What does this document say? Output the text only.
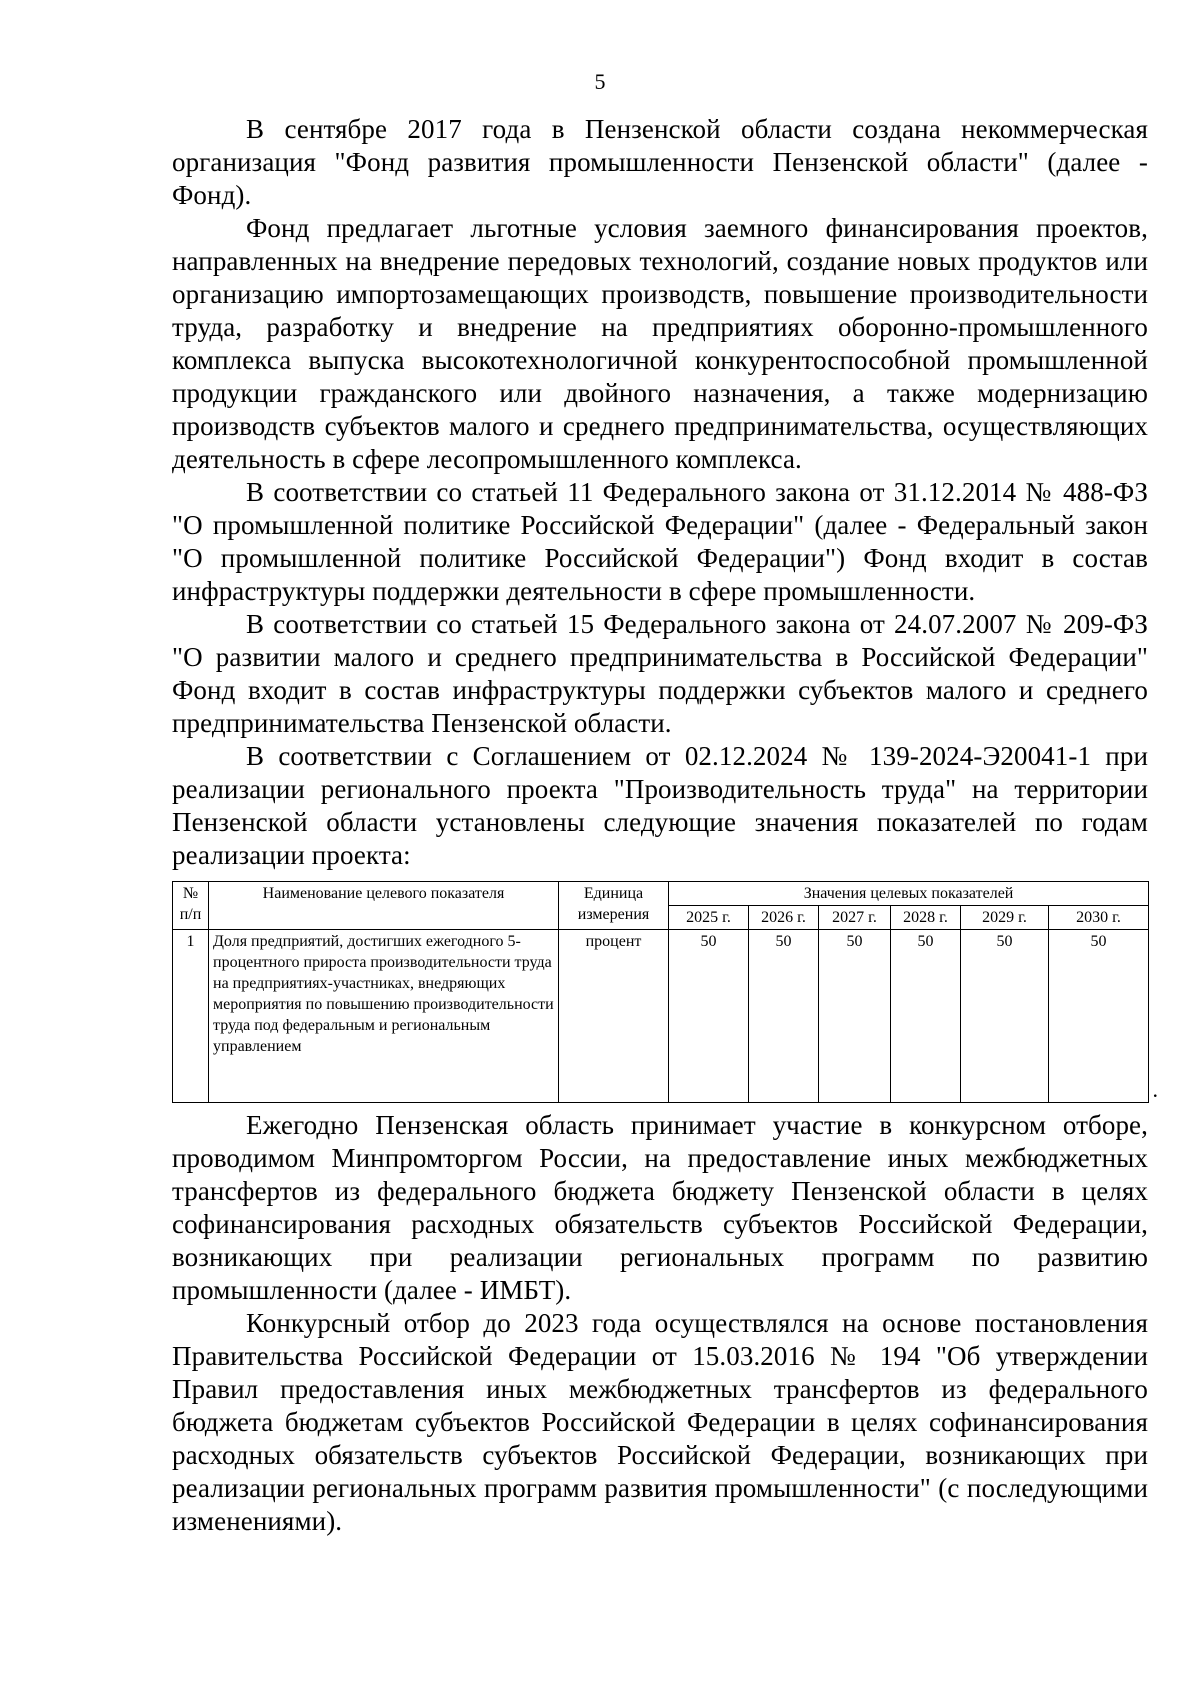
5

В сентябре 2017 года в Пензенской области создана некоммерческая организация "Фонд развития промышленности Пензенской области" (далее - Фонд).

Фонд предлагает льготные условия заемного финансирования проектов, направленных на внедрение передовых технологий, создание новых продуктов или организацию импортозамещающих производств, повышение производительности труда, разработку и внедрение на предприятиях оборонно-промышленного комплекса выпуска высокотехнологичной конкурентоспособной промышленной продукции гражданского или двойного назначения, а также модернизацию производств субъектов малого и среднего предпринимательства, осуществляющих деятельность в сфере лесопромышленного комплекса.

В соответствии со статьей 11 Федерального закона от 31.12.2014 № 488-ФЗ "О промышленной политике Российской Федерации" (далее - Федеральный закон "О промышленной политике Российской Федерации") Фонд входит в состав инфраструктуры поддержки деятельности в сфере промышленности.

В соответствии со статьей 15 Федерального закона от 24.07.2007 № 209-ФЗ "О развитии малого и среднего предпринимательства в Российской Федерации" Фонд входит в состав инфраструктуры поддержки субъектов малого и среднего предпринимательства Пензенской области.

В соответствии с Соглашением от 02.12.2024 № 139-2024-Э20041-1 при реализации регионального проекта "Производительность труда" на территории Пензенской области установлены следующие значения показателей по годам реализации проекта:

№ п/п	Наименование целевого показателя	Единица измерения	Значения целевых показателей					
			2025 г.	2026 г.	2027 г.	2028 г.	2029 г.	2030 г.
1	Доля предприятий, достигших ежегодного 5-процентного прироста производительности труда на предприятиях-участниках, внедряющих мероприятия по повышению производительности труда под федеральным и региональным управлением	процент	50	50	50	50	50	50
.

Ежегодно Пензенская область принимает участие в конкурсном отборе, проводимом Минпромторгом России, на предоставление иных межбюджетных трансфертов из федерального бюджета бюджету Пензенской области в целях софинансирования расходных обязательств субъектов Российской Федерации, возникающих при реализации региональных программ по развитию промышленности (далее - ИМБТ).

Конкурсный отбор до 2023 года осуществлялся на основе постановления Правительства Российской Федерации от 15.03.2016 № 194 "Об утверждении Правил предоставления иных межбюджетных трансфертов из федерального бюджета бюджетам субъектов Российской Федерации в целях софинансирования расходных обязательств субъектов Российской Федерации, возникающих при реализации региональных программ развития промышленности" (с последующими изменениями).
